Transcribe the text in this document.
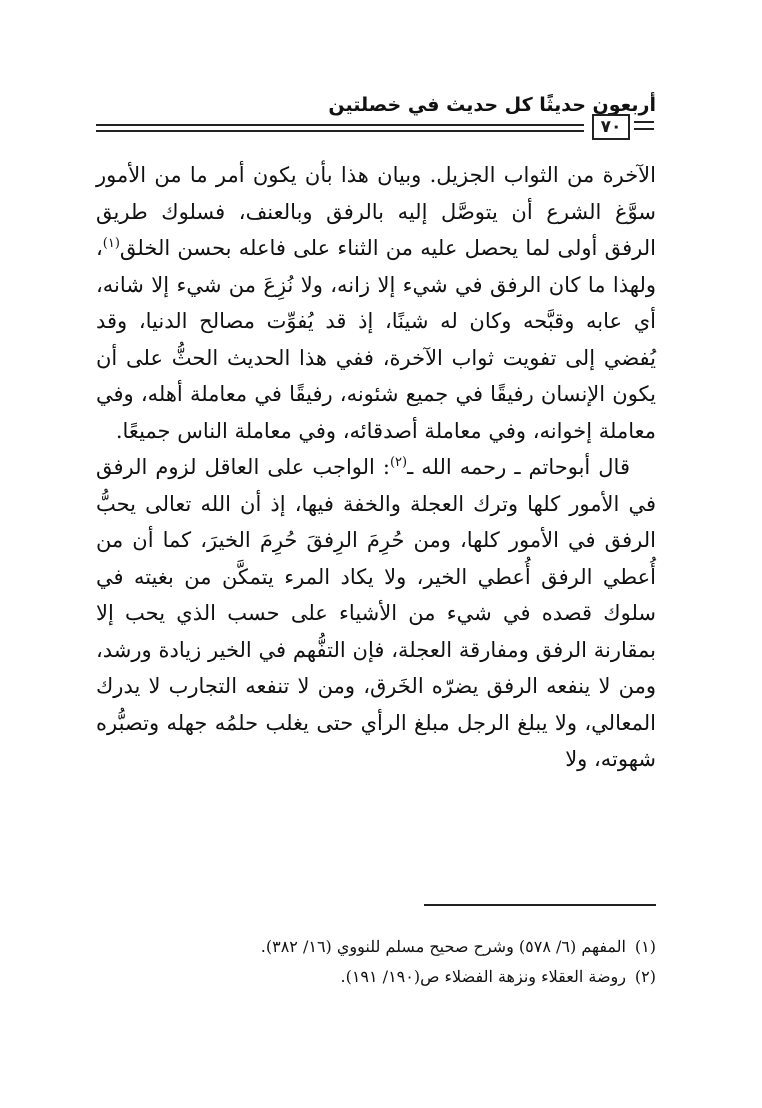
أربعون حديثًا كل حديث في خصلتين
٧٠

الآخرة من الثواب الجزيل. وبيان هذا بأن يكون أمر ما من الأمور سوَّغ الشرع أن يتوصَّل إليه بالرفق وبالعنف، فسلوك طريق الرفق أولى لما يحصل عليه من الثناء على فاعله بحسن الخلق$^{(١)}$، ولهذا ما كان الرفق في شيء إلا زانه، ولا نُزِعَ من شيء إلا شانه، أي عابه وقبَّحه وكان له شينًا، إذ قد يُفوِّت مصالح الدنيا، وقد يُفضي إلى تفويت ثواب الآخرة، ففي هذا الحديث الحثُّ على أن يكون الإنسان رفيقًا في جميع شئونه، رفيقًا في معاملة أهله، وفي معاملة إخوانه، وفي معاملة أصدقائه، وفي معاملة الناس جميعًا.

قال أبوحاتم ـ رحمه الله ـ$^{(٢)}$: الواجب على العاقل لزوم الرفق في الأمور كلها وترك العجلة والخفة فيها، إذ أن الله تعالى يحبُّ الرفق في الأمور كلها، ومن حُرِمَ الرِفقَ حُرِمَ الخيرَ، كما أن من أُعطي الرفق أُعطي الخير، ولا يكاد المرء يتمكَّن من بغيته في سلوك قصده في شيء من الأشياء على حسب الذي يحب إلا بمقارنة الرفق ومفارقة العجلة، فإن التفُّهم في الخير زيادة ورشد، ومن لا ينفعه الرفق يضرّه الخَرق، ومن لا تنفعه التجارب لا يدرك المعالي، ولا يبلغ الرجل مبلغ الرأي حتى يغلب حلمُه جهله وتصبُّره شهوته، ولا

(١)المفهم (٦/ ٥٧٨) وشرح صحيح مسلم للنووي (١٦/ ٣٨٢).
(٢)روضة العقلاء ونزهة الفضلاء ص(١٩٠/ ١٩١).
